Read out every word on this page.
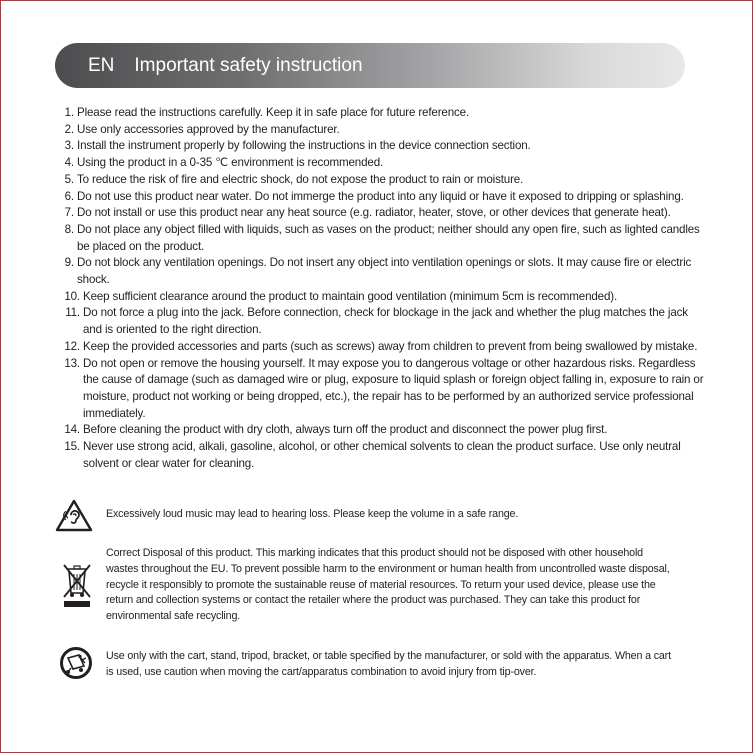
EN Important safety instruction
1. Please read the instructions carefully. Keep it in safe place for future reference.
2. Use only accessories approved by the manufacturer.
3. Install the instrument properly by following the instructions in the device connection section.
4. Using the product in a 0-35 ℃ environment is recommended.
5. To reduce the risk of fire and electric shock, do not expose the product to rain or moisture.
6. Do not use this product near water. Do not immerge the product into any liquid or have it exposed to dripping or splashing.
7. Do not install or use this product near any heat source (e.g. radiator, heater, stove, or other devices that generate heat).
8. Do not place any object filled with liquids, such as vases on the product; neither should any open fire, such as lighted candles be placed on the product.
9. Do not block any ventilation openings. Do not insert any object into ventilation openings or slots. It may cause fire or electric shock.
10. Keep sufficient clearance around the product to maintain good ventilation (minimum 5cm is recommended).
11. Do not force a plug into the jack. Before connection, check for blockage in the jack and whether the plug matches the jack and is oriented to the right direction.
12. Keep the provided accessories and parts (such as screws) away from children to prevent from being swallowed by mistake.
13. Do not open or remove the housing yourself. It may expose you to dangerous voltage or other hazardous risks. Regardless the cause of damage (such as damaged wire or plug, exposure to liquid splash or foreign object falling in, exposure to rain or moisture, product not working or being dropped, etc.), the repair has to be performed by an authorized service professional immediately.
14. Before cleaning the product with dry cloth, always turn off the product and disconnect the power plug first.
15. Never use strong acid, alkali, gasoline, alcohol, or other chemical solvents to clean the product surface. Use only neutral solvent or clear water for cleaning.

Excessively loud music may lead to hearing loss. Please keep the volume in a safe range.

Correct Disposal of this product. This marking indicates that this product should not be disposed with other household
wastes throughout the EU. To prevent possible harm to the environment or human health from uncontrolled waste disposal,
recycle it responsibly to promote the sustainable reuse of material resources. To return your used device, please use the
return and collection systems or contact the retailer where the product was purchased. They can take this product for
environmental safe recycling.

Use only with the cart, stand, tripod, bracket, or table specified by the manufacturer, or sold with the apparatus. When a cart
is used, use caution when moving the cart/apparatus combination to avoid injury from tip-over.
